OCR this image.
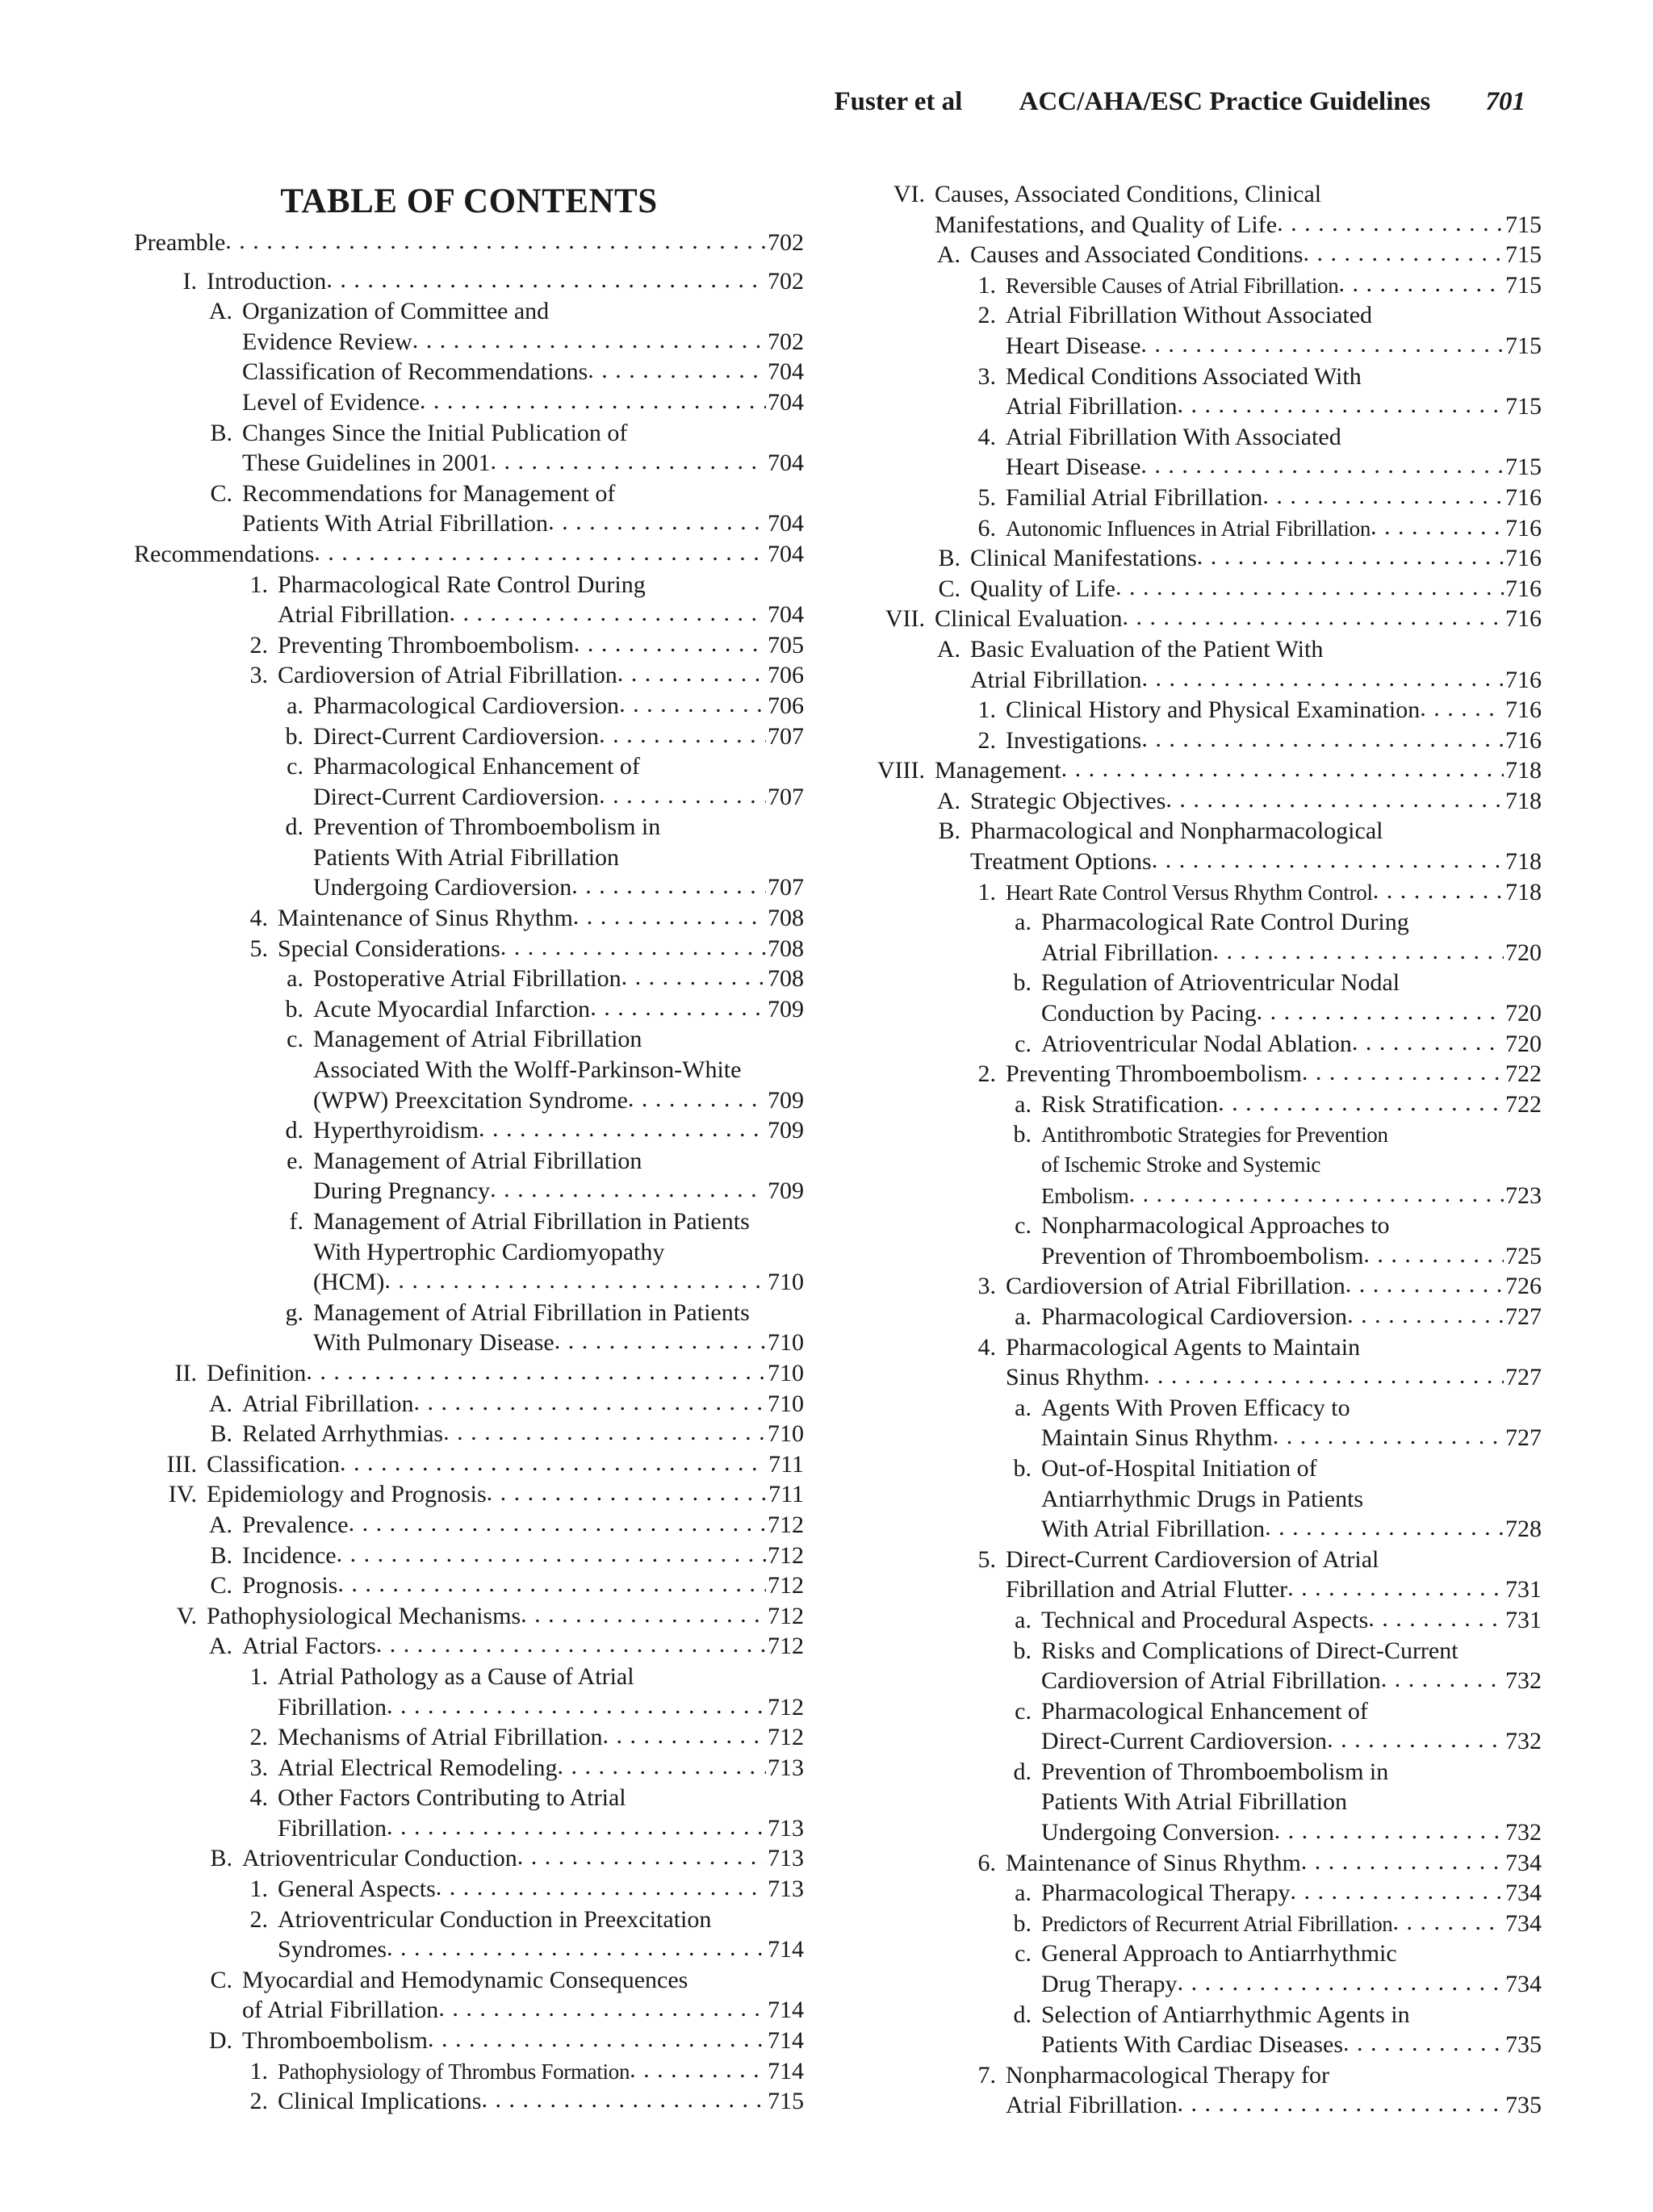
Fuster et al ACC/AHA/ESC Practice Guidelines 701
TABLE OF CONTENTS
Preamble . . .	702
I. Introduction . . .	702
A. Organization of Committee and
Evidence Review . . .	702
Classification of Recommendations . . .	704
Level of Evidence . . .	704
B. Changes Since the Initial Publication of
These Guidelines in 2001 . . .	704
C. Recommendations for Management of
Patients With Atrial Fibrillation . . .	704
Recommendations . . .	704
1. Pharmacological Rate Control During
Atrial Fibrillation . . .	704
2. Preventing Thromboembolism . . .	705
3. Cardioversion of Atrial Fibrillation . . .	706
a. Pharmacological Cardioversion . . .	706
b. Direct-Current Cardioversion . . .	707
c. Pharmacological Enhancement of
Direct-Current Cardioversion . . .	707
d. Prevention of Thromboembolism in
Patients With Atrial Fibrillation
Undergoing Cardioversion . . .	707
4. Maintenance of Sinus Rhythm . . .	708
5. Special Considerations . . .	708
a. Postoperative Atrial Fibrillation . . .	708
b. Acute Myocardial Infarction . . .	709
c. Management of Atrial Fibrillation
Associated With the Wolff-Parkinson-White
(WPW) Preexcitation Syndrome . . .	709
d. Hyperthyroidism . . .	709
e. Management of Atrial Fibrillation
During Pregnancy . . .	709
f. Management of Atrial Fibrillation in Patients
With Hypertrophic Cardiomyopathy
(HCM) . . .	710
g. Management of Atrial Fibrillation in Patients
With Pulmonary Disease . . .	710
II. Definition . . .	710
A. Atrial Fibrillation . . .	710
B. Related Arrhythmias . . .	710
III. Classification . . .	711
IV. Epidemiology and Prognosis . . .	711
A. Prevalence . . .	712
B. Incidence . . .	712
C. Prognosis . . .	712
V. Pathophysiological Mechanisms . . .	712
A. Atrial Factors . . .	712
1. Atrial Pathology as a Cause of Atrial
Fibrillation . . .	712
2. Mechanisms of Atrial Fibrillation . . .	712
3. Atrial Electrical Remodeling . . .	713
4. Other Factors Contributing to Atrial
Fibrillation . . .	713
B. Atrioventricular Conduction . . .	713
1. General Aspects . . .	713
2. Atrioventricular Conduction in Preexcitation
Syndromes . . .	714
C. Myocardial and Hemodynamic Consequences
of Atrial Fibrillation . . .	714
D. Thromboembolism . . .	714
1. Pathophysiology of Thrombus Formation . . .	714
2. Clinical Implications . . .	715
VI. Causes, Associated Conditions, Clinical
Manifestations, and Quality of Life . . .	715
A. Causes and Associated Conditions . . .	715
1. Reversible Causes of Atrial Fibrillation . . .	715
2. Atrial Fibrillation Without Associated
Heart Disease . . .	715
3. Medical Conditions Associated With
Atrial Fibrillation . . .	715
4. Atrial Fibrillation With Associated
Heart Disease . . .	715
5. Familial Atrial Fibrillation . . .	716
6. Autonomic Influences in Atrial Fibrillation . . .	716
B. Clinical Manifestations . . .	716
C. Quality of Life . . .	716
VII. Clinical Evaluation . . .	716
A. Basic Evaluation of the Patient With
Atrial Fibrillation . . .	716
1. Clinical History and Physical Examination . . .	716
2. Investigations . . .	716
VIII. Management . . .	718
A. Strategic Objectives . . .	718
B. Pharmacological and Nonpharmacological
Treatment Options . . .	718
1. Heart Rate Control Versus Rhythm Control . . .	718
a. Pharmacological Rate Control During
Atrial Fibrillation . . .	720
b. Regulation of Atrioventricular Nodal
Conduction by Pacing . . .	720
c. Atrioventricular Nodal Ablation . . .	720
2. Preventing Thromboembolism . . .	722
a. Risk Stratification . . .	722
b. Antithrombotic Strategies for Prevention
of Ischemic Stroke and Systemic
Embolism . . .	723
c. Nonpharmacological Approaches to
Prevention of Thromboembolism . . .	725
3. Cardioversion of Atrial Fibrillation . . .	726
a. Pharmacological Cardioversion . . .	727
4. Pharmacological Agents to Maintain
Sinus Rhythm . . .	727
a. Agents With Proven Efficacy to
Maintain Sinus Rhythm . . .	727
b. Out-of-Hospital Initiation of
Antiarrhythmic Drugs in Patients
With Atrial Fibrillation . . .	728
5. Direct-Current Cardioversion of Atrial
Fibrillation and Atrial Flutter . . .	731
a. Technical and Procedural Aspects . . .	731
b. Risks and Complications of Direct-Current
Cardioversion of Atrial Fibrillation . . .	732
c. Pharmacological Enhancement of
Direct-Current Cardioversion . . .	732
d. Prevention of Thromboembolism in
Patients With Atrial Fibrillation
Undergoing Conversion . . .	732
6. Maintenance of Sinus Rhythm . . .	734
a. Pharmacological Therapy . . .	734
b. Predictors of Recurrent Atrial Fibrillation . . .	734
c. General Approach to Antiarrhythmic
Drug Therapy . . .	734
d. Selection of Antiarrhythmic Agents in
Patients With Cardiac Diseases . . .	735
7. Nonpharmacological Therapy for
Atrial Fibrillation . . .	735
